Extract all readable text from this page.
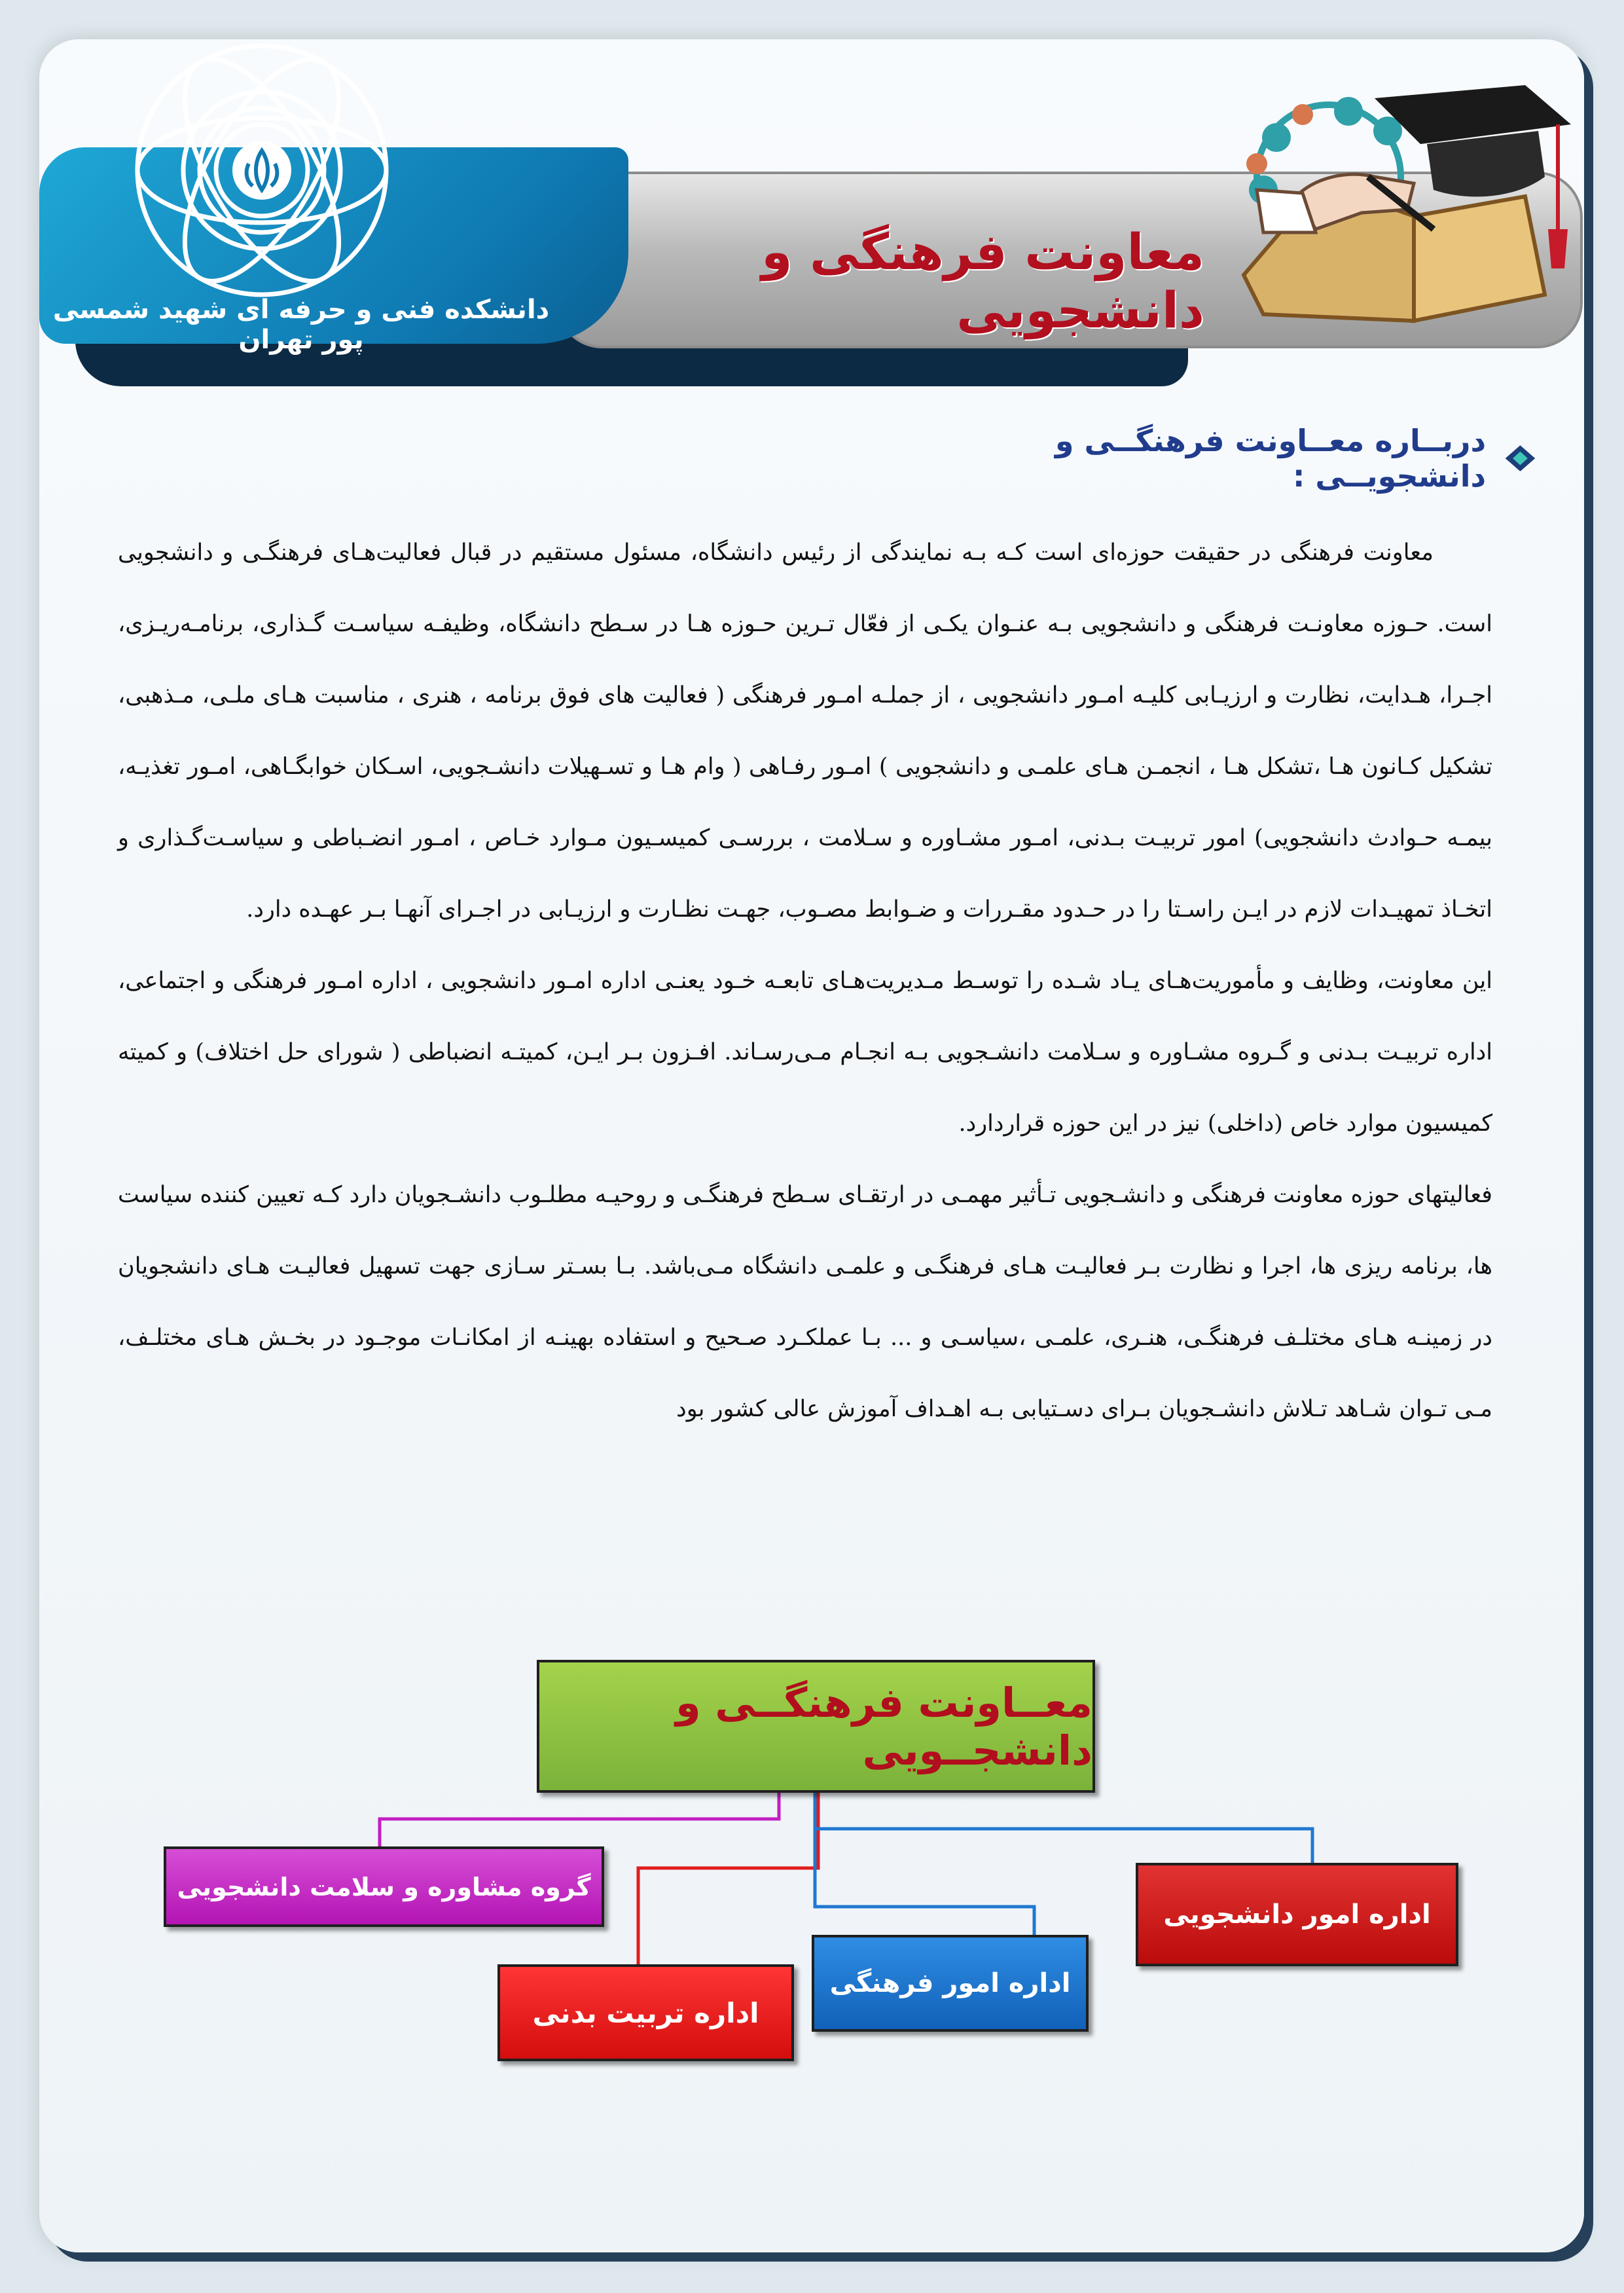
دانشکده فنی و حرفه ای شهید شمسی پور تهران
معاونت فرهنگی و دانشجویی
دربــاره معــاونت فرهنگــی و دانشجویــی :

معاونت فرهنگی در حقیقت حوزه‌ای است کـه بـه نمایندگی از رئیس دانشگاه، مسئول مستقیم در قبال فعالیت‌هـای فرهنگـی و دانشجویی است. حـوزه معاونـت فرهنگی و دانشجویی بـه عنـوان یکـی از فعّال تـرین حـوزه هـا در سـطح دانشگاه، وظیفـه سیاسـت گـذاری، برنامـه‌ریـزی، اجـرا، هـدایت، نظارت و ارزیـابی کلیـه امـور دانشجویی ، از جملـه امـور فرهنگی ( فعالیت های فوق برنامه ، هنری ، مناسبت هـای ملـی، مـذهبی، تشکیل کـانون هـا ،تشکل هـا ، انجمـن هـای علمـی و دانشجویی ) امـور رفـاهی ( وام هـا و تسـهیلات دانشـجویی، اسـکان خوابگـاهی، امـور تغذیـه، بیمـه حـوادث دانشجویی) امور تربیـت بـدنی، امـور مشـاوره و سـلامت ، بررسـی کمیسـیون مـوارد خـاص ، امـور انضـباطی و سیاسـت‌گـذاری و اتخـاذ تمهیـدات لازم در ایـن راسـتا را در حـدود مقـررات و ضـوابط مصـوب، جهـت نظـارت و ارزیـابی در اجـرای آنهـا بـر عهـده دارد.

این معاونت، وظایف و مأموریت‌هـای یـاد شـده را توسـط مـدیریت‌هـای تابعـه خـود یعنـی اداره امـور دانشجویی ، اداره امـور فرهنگی و اجتماعی، اداره تربیـت بـدنی و گـروه مشـاوره و سـلامت دانشـجویی بـه انجـام مـی‌رسـاند. افـزون بـر ایـن، کمیتـه انضباطی ( شورای حل اختلاف) و کمیته کمیسیون موارد خاص (داخلی) نیز در این حوزه قراردارد.

فعالیتهای حوزه معاونت فرهنگی و دانشـجویی تـأثیر مهمـی در ارتقـای سـطح فرهنگـی و روحیـه مطلـوب دانشـجویان دارد کـه تعیین کننده سیاست ها، برنامه ریزی ها، اجرا و نظارت بـر فعالیـت هـای فرهنگـی و علمـی دانشگاه مـی‌باشد. بـا بسـتر سـازی جهت تسهیل فعالیـت هـای دانشجویان در زمینـه هـای مختلـف فرهنگـی، هنـری، علمـی ،سیاسـی و ... بـا عملکـرد صـحیح و استفاده بهینـه از امکانـات موجـود در بخـش هـای مختلـف، مـی تـوان شـاهد تـلاش دانشـجویان بـرای دسـتیابی بـه اهـداف آموزش عالی کشور بود

معــاونت فرهنگــی و دانشجــویی
گروه مشاوره و سلامت دانشجویی
اداره امور دانشجویی
اداره امور فرهنگی
اداره تربیت بدنی
